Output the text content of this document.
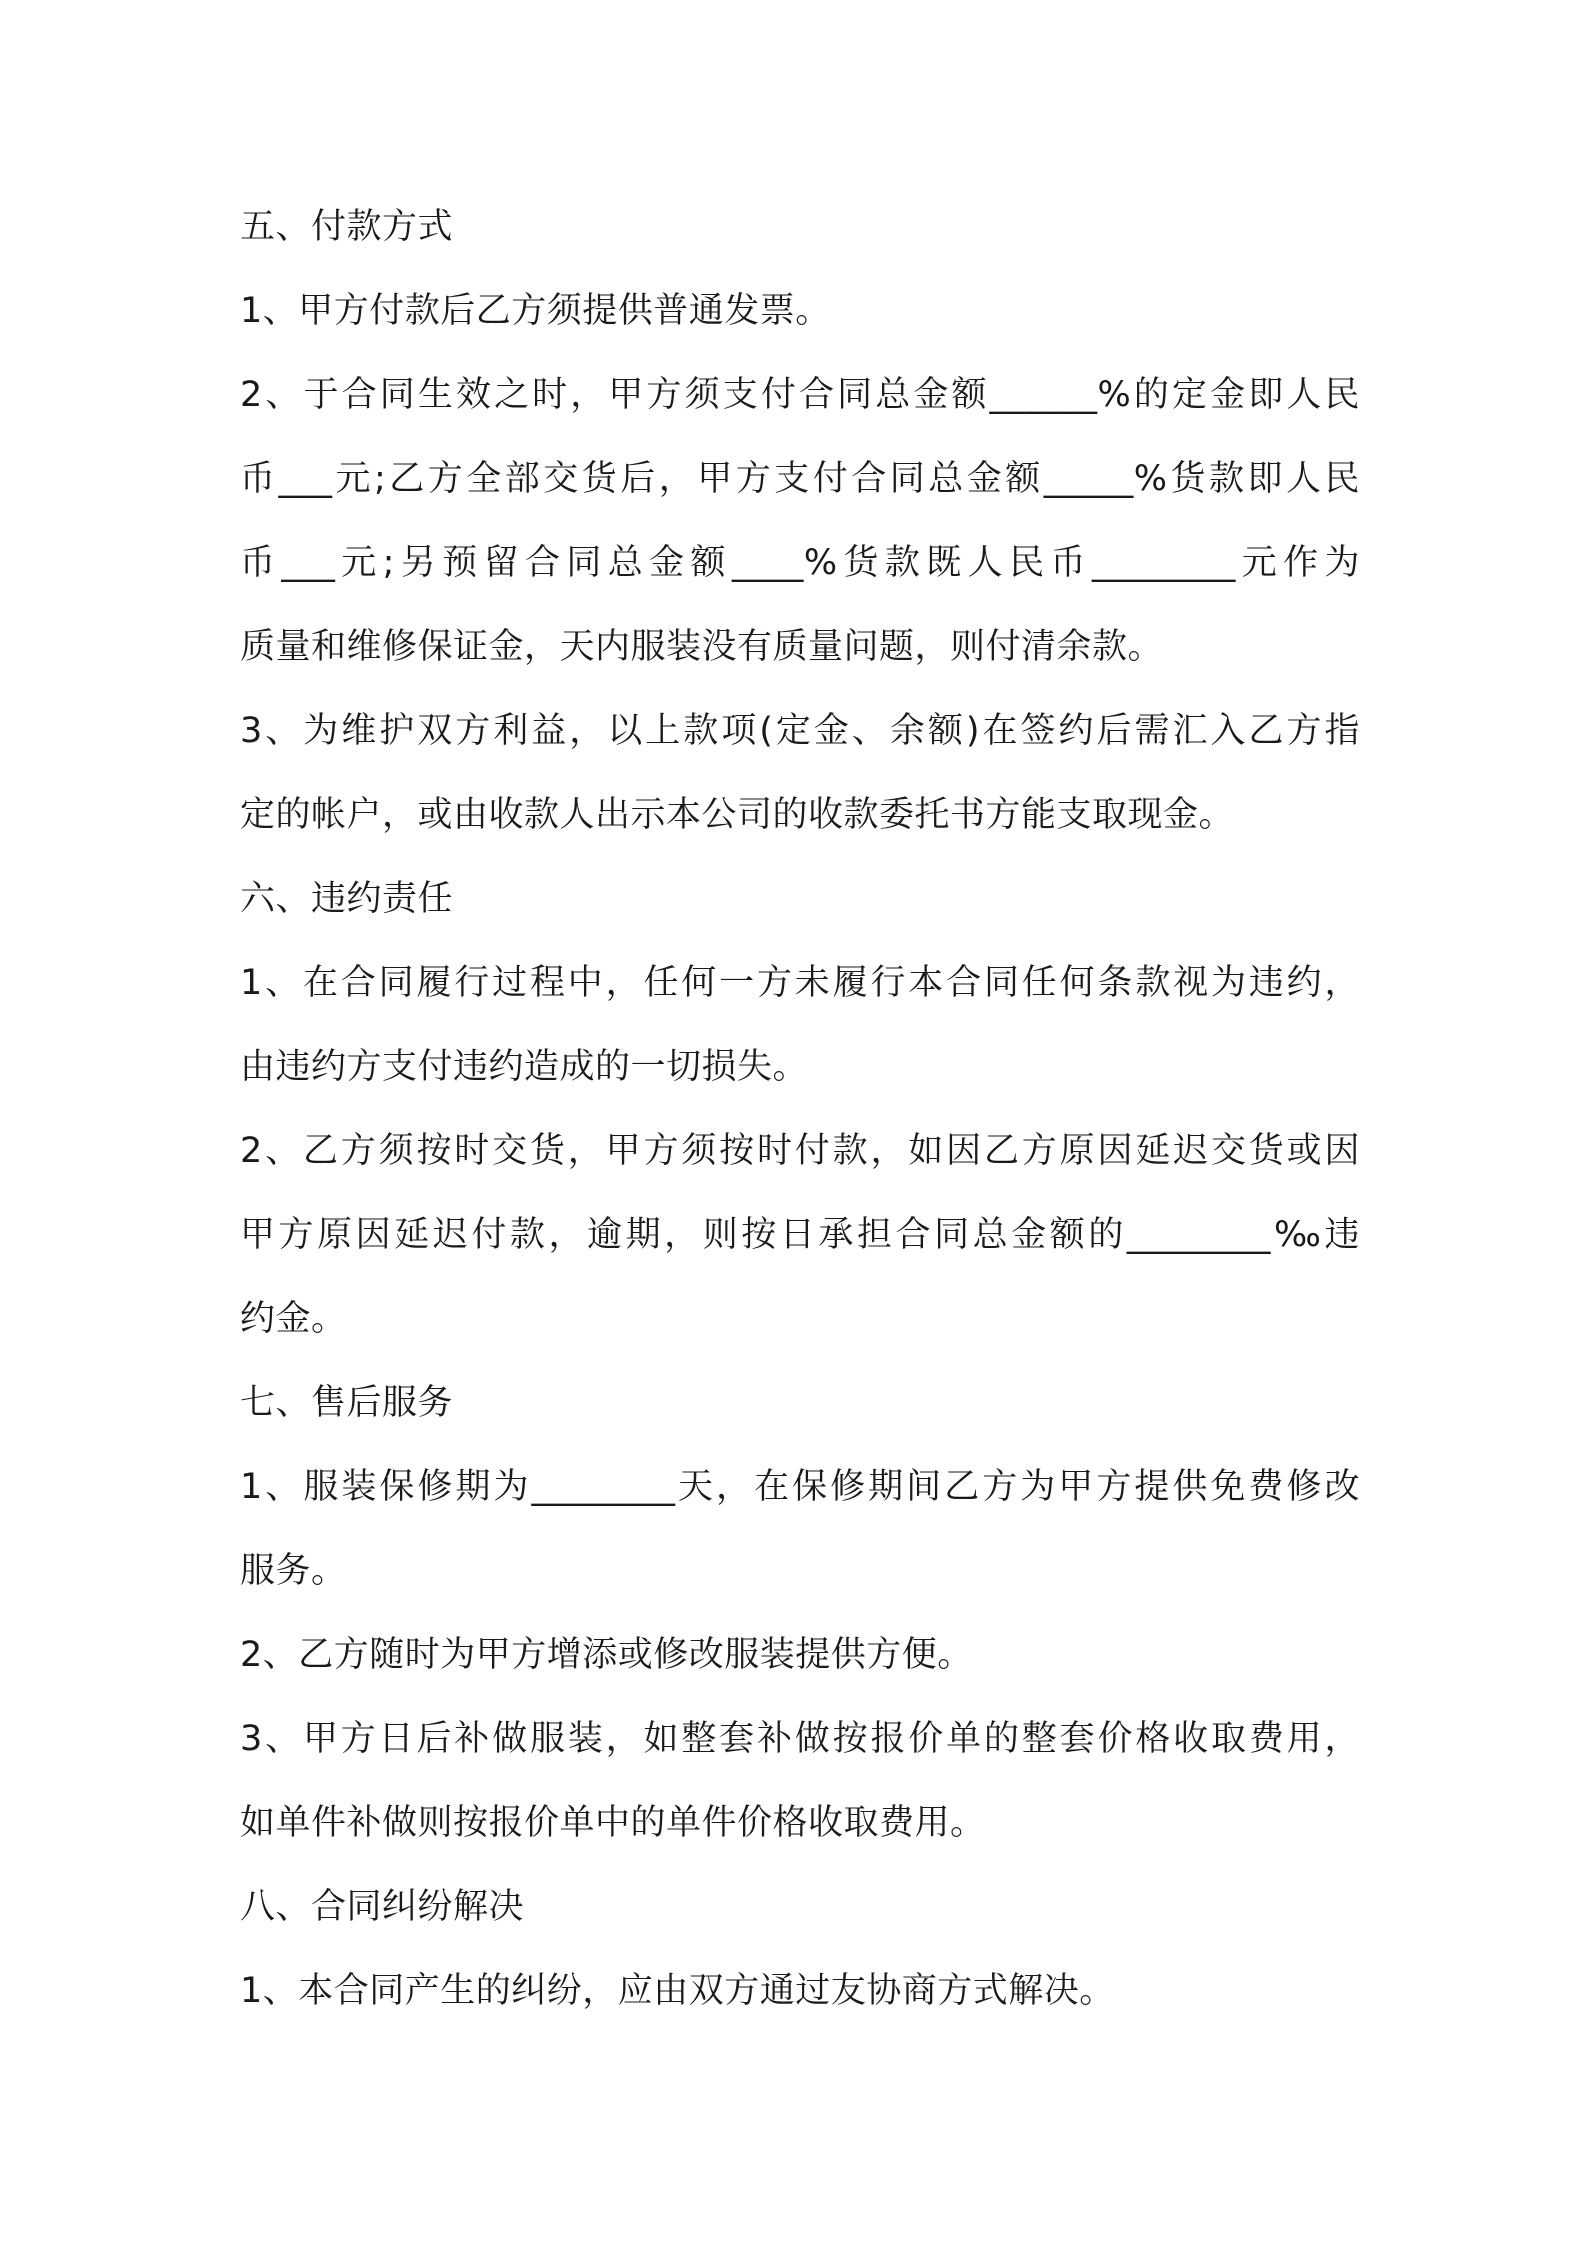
五、付款方式
1、甲方付款后乙方须提供普通发票。
2、于合同生效之时，甲方须支付合同总金额______%的定金即人民
币___元;乙方全部交货后，甲方支付合同总金额_____%货款即人民
币___元;另预留合同总金额____%货款既人民币________元作为
质量和维修保证金，天内服装没有质量问题，则付清余款。
3、为维护双方利益，以上款项(定金、余额)在签约后需汇入乙方指
定的帐户，或由收款人出示本公司的收款委托书方能支取现金。
六、违约责任
1、在合同履行过程中，任何一方未履行本合同任何条款视为违约，
由违约方支付违约造成的一切损失。
2、乙方须按时交货，甲方须按时付款，如因乙方原因延迟交货或因
甲方原因延迟付款，逾期，则按日承担合同总金额的________‰违
约金。
七、售后服务
1、服装保修期为________天，在保修期间乙方为甲方提供免费修改
服务。
2、乙方随时为甲方增添或修改服装提供方便。
3、甲方日后补做服装，如整套补做按报价单的整套价格收取费用，
如单件补做则按报价单中的单件价格收取费用。
八、合同纠纷解决
1、本合同产生的纠纷，应由双方通过友协商方式解决。
